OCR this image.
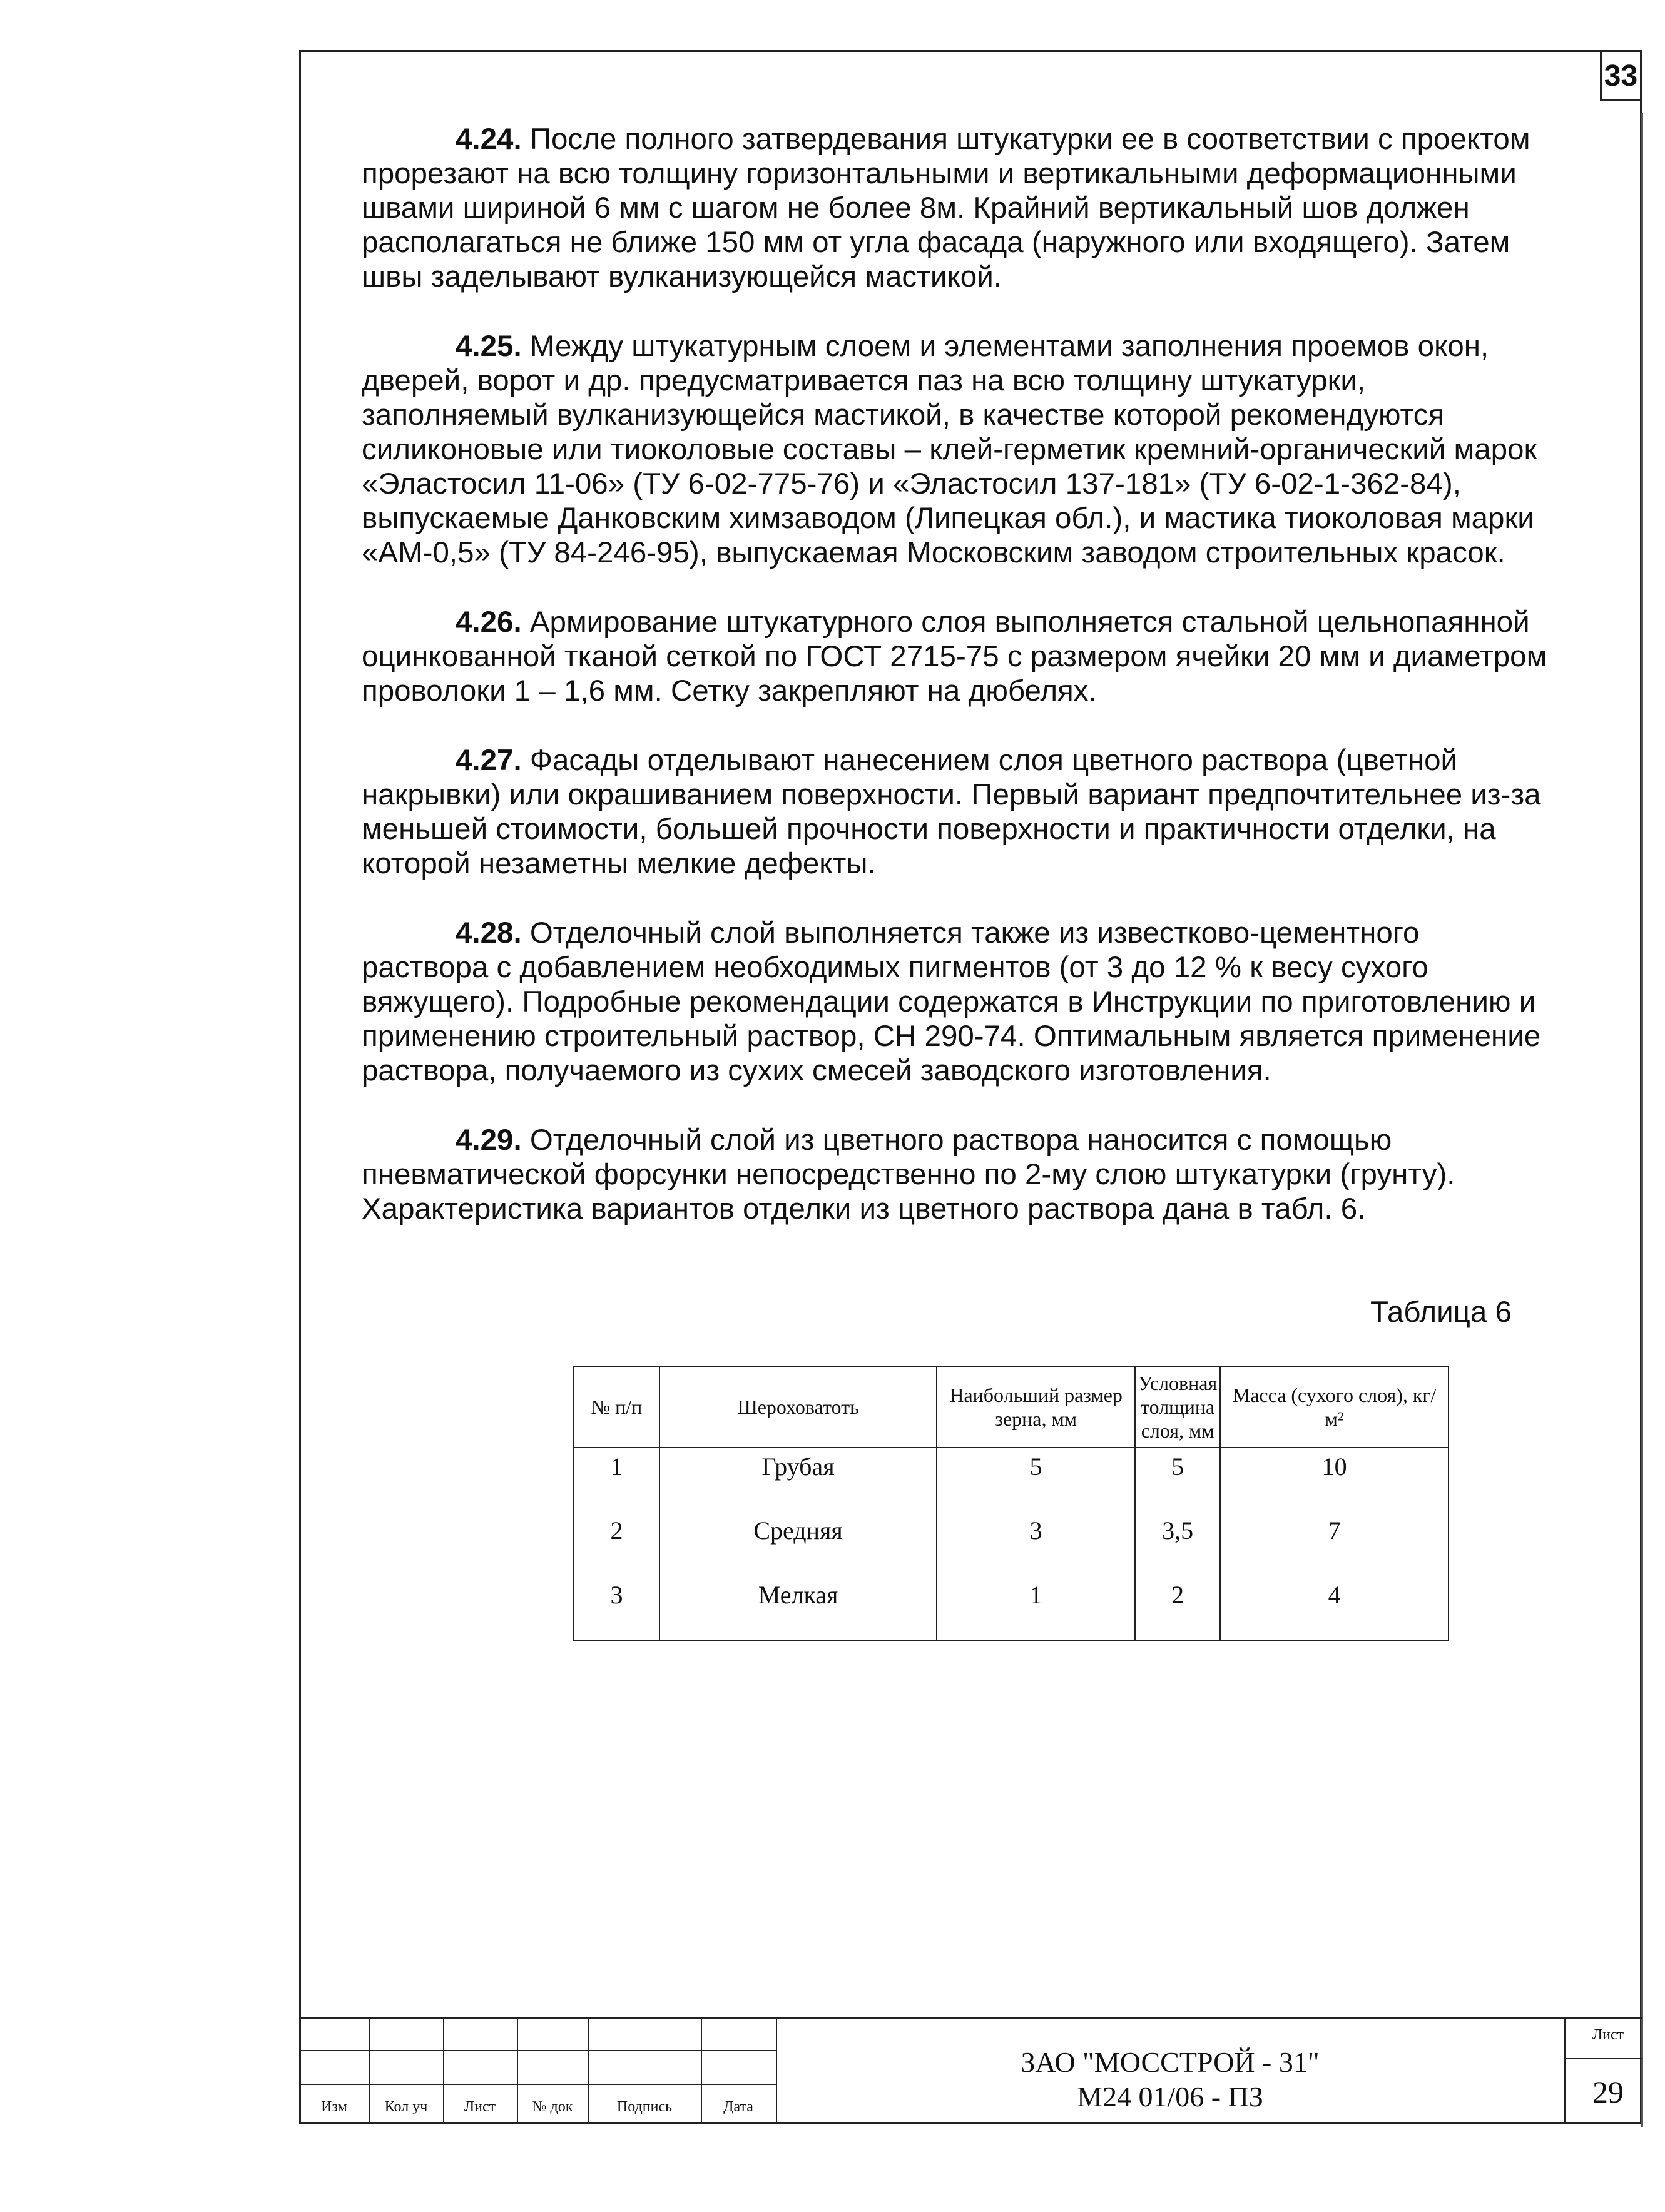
33

4.24. После полного затвердевания штукатурки ее в соответствии с проектом прорезают на всю толщину горизонтальными и вертикальными деформационными швами шириной 6 мм с шагом не более 8м. Крайний вертикальный шов должен располагаться не ближе 150 мм от угла фасада (наружного или входящего). Затем швы заделывают вулканизующейся мастикой.

4.25. Между штукатурным слоем и элементами заполнения проемов окон, дверей, ворот и др. предусматривается паз на всю толщину штукатурки, заполняемый вулканизующейся мастикой, в качестве которой рекомендуются силиконовые или тиоколовые составы – клей-герметик кремний-органический марок «Эластосил 11-06» (ТУ 6-02-775-76) и «Эластосил 137-181» (ТУ 6-02-1-362-84), выпускаемые Данковским химзаводом (Липецкая обл.), и мастика тиоколовая марки «АМ-0,5» (ТУ 84-246-95), выпускаемая Московским заводом строительных красок.

4.26. Армирование штукатурного слоя выполняется стальной цельнопаянной оцинкованной тканой сеткой по ГОСТ 2715-75 с размером ячейки 20 мм и диаметром проволоки 1 – 1,6 мм. Сетку закрепляют на дюбелях.

4.27. Фасады отделывают нанесением слоя цветного раствора (цветной накрывки) или окрашиванием поверхности. Первый вариант предпочтительнее из-за меньшей стоимости, большей прочности поверхности и практичности отделки, на которой незаметны мелкие дефекты.

4.28. Отделочный слой выполняется также из известково-цементного раствора с добавлением необходимых пигментов (от 3 до 12 % к весу сухого вяжущего). Подробные рекомендации содержатся в Инструкции по приготовлению и применению строительный раствор, СН 290-74. Оптимальным является применение раствора, получаемого из сухих смесей заводского изготовления.

4.29. Отделочный слой из цветного раствора наносится с помощью пневматической форсунки непосредственно по 2-му слою штукатурки (грунту). Характеристика вариантов отделки из цветного раствора дана в табл. 6.

Таблица 6
№ п/п	Шероховатоть	Наибольший размер зерна, мм	Условная толщина слоя, мм	Масса (сухого слоя), кг/м²
1	Грубая	5	5	10
2	Средняя	3	3,5	7
3	Мелкая	1	2	4
Изм	Кол уч	Лист	№ док	Подпись	Дата
ЗАО "МОССТРОЙ - 31"
М24 01/06 - ПЗ
Лист
29
